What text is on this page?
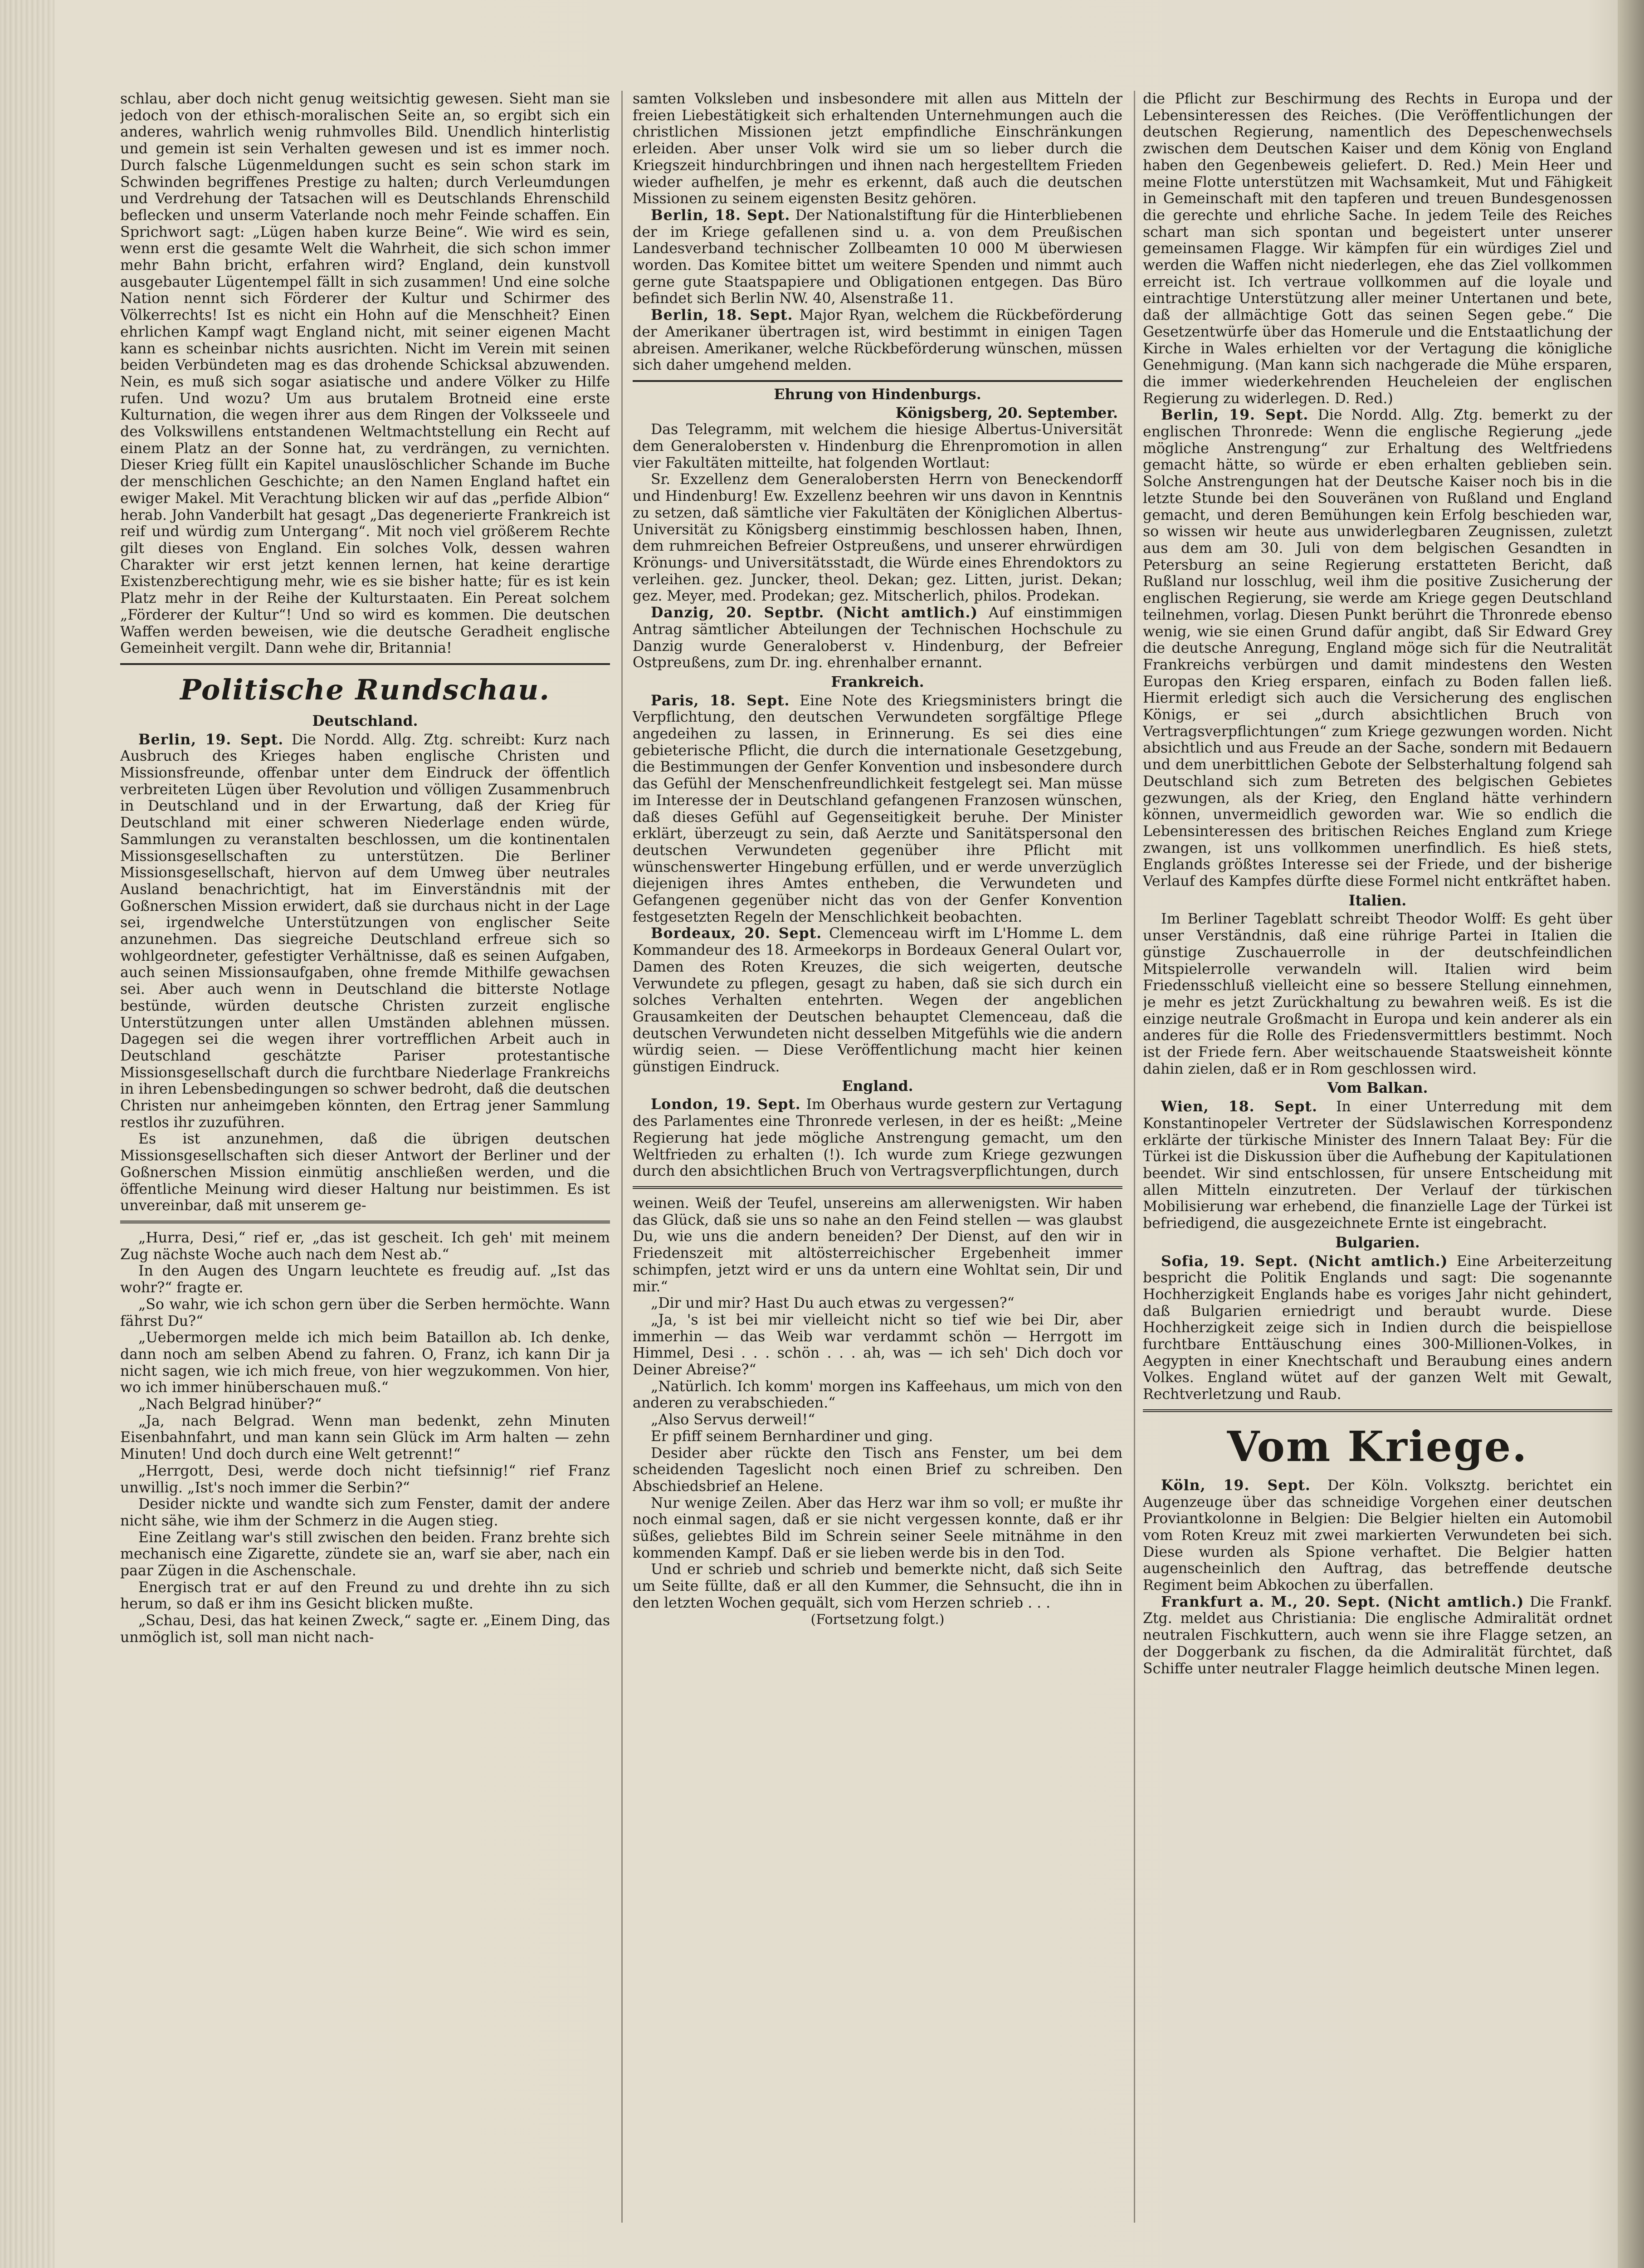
schlau, aber doch nicht genug weitsichtig gewesen. Sieht man sie jedoch von der ethisch-moralischen Seite an, so ergibt sich ein anderes, wahrlich wenig ruhmvolles Bild. Unendlich hinterlistig und gemein ist sein Verhalten gewesen und ist es immer noch. Durch falsche Lügenmeldungen sucht es sein schon stark im Schwinden begriffenes Prestige zu halten; durch Verleumdungen und Verdrehung der Tatsachen will es Deutschlands Ehrenschild beflecken und unserm Vaterlande noch mehr Feinde schaffen. Ein Sprichwort sagt: „Lügen haben kurze Beine“. Wie wird es sein, wenn erst die gesamte Welt die Wahrheit, die sich schon immer mehr Bahn bricht, erfahren wird? England, dein kunstvoll ausgebauter Lügentempel fällt in sich zusammen! Und eine solche Nation nennt sich Förderer der Kultur und Schirmer des Völkerrechts! Ist es nicht ein Hohn auf die Menschheit? Einen ehrlichen Kampf wagt England nicht, mit seiner eigenen Macht kann es scheinbar nichts ausrichten. Nicht im Verein mit seinen beiden Verbündeten mag es das drohende Schicksal abzuwenden. Nein, es muß sich sogar asiatische und andere Völker zu Hilfe rufen. Und wozu? Um aus brutalem Brotneid eine erste Kulturnation, die wegen ihrer aus dem Ringen der Volksseele und des Volkswillens entstandenen Weltmachtstellung ein Recht auf einem Platz an der Sonne hat, zu verdrängen, zu vernichten. Dieser Krieg füllt ein Kapitel unauslöschlicher Schande im Buche der menschlichen Geschichte; an den Namen England haftet ein ewiger Makel. Mit Verachtung blicken wir auf das „perfide Albion“ herab. John Vanderbilt hat gesagt „Das degenerierte Frankreich ist reif und würdig zum Untergang“. Mit noch viel größerem Rechte gilt dieses von England. Ein solches Volk, dessen wahren Charakter wir erst jetzt kennen lernen, hat keine derartige Existenzberechtigung mehr, wie es sie bisher hatte; für es ist kein Platz mehr in der Reihe der Kulturstaaten. Ein Pereat solchem „Förderer der Kultur“! Und so wird es kommen. Die deutschen Waffen werden beweisen, wie die deutsche Geradheit englische Gemeinheit vergilt. Dann wehe dir, Britannia!

Politische Rundschau.
Deutschland.

Berlin, 19. Sept. Die Nordd. Allg. Ztg. schreibt: Kurz nach Ausbruch des Krieges haben englische Christen und Missionsfreunde, offenbar unter dem Eindruck der öffentlich verbreiteten Lügen über Revolution und völligen Zusammenbruch in Deutschland und in der Erwartung, daß der Krieg für Deutschland mit einer schweren Niederlage enden würde, Sammlungen zu veranstalten beschlossen, um die kontinentalen Missionsgesellschaften zu unterstützen. Die Berliner Missionsgesellschaft, hiervon auf dem Umweg über neutrales Ausland benachrichtigt, hat im Einverständnis mit der Goßnerschen Mission erwidert, daß sie durchaus nicht in der Lage sei, irgendwelche Unterstützungen von englischer Seite anzunehmen. Das siegreiche Deutschland erfreue sich so wohlgeordneter, gefestigter Verhältnisse, daß es seinen Aufgaben, auch seinen Missionsaufgaben, ohne fremde Mithilfe gewachsen sei. Aber auch wenn in Deutschland die bitterste Notlage bestünde, würden deutsche Christen zurzeit englische Unterstützungen unter allen Umständen ablehnen müssen. Dagegen sei die wegen ihrer vortrefflichen Arbeit auch in Deutschland geschätzte Pariser protestantische Missionsgesellschaft durch die furchtbare Niederlage Frankreichs in ihren Lebensbedingungen so schwer bedroht, daß die deutschen Christen nur anheimgeben könnten, den Ertrag jener Sammlung restlos ihr zuzuführen.

Es ist anzunehmen, daß die übrigen deutschen Missionsgesellschaften sich dieser Antwort der Berliner und der Goßnerschen Mission einmütig anschließen werden, und die öffentliche Meinung wird dieser Haltung nur beistimmen. Es ist unvereinbar, daß mit unserem ge-

„Hurra, Desi,“ rief er, „das ist gescheit. Ich geh' mit meinem Zug nächste Woche auch nach dem Nest ab.“

In den Augen des Ungarn leuchtete es freudig auf. „Ist das wohr?“ fragte er.

„So wahr, wie ich schon gern über die Serben hermöchte. Wann fährst Du?“

„Uebermorgen melde ich mich beim Bataillon ab. Ich denke, dann noch am selben Abend zu fahren. O, Franz, ich kann Dir ja nicht sagen, wie ich mich freue, von hier wegzukommen. Von hier, wo ich immer hinüberschauen muß.“

„Nach Belgrad hinüber?“

„Ja, nach Belgrad. Wenn man bedenkt, zehn Minuten Eisenbahnfahrt, und man kann sein Glück im Arm halten — zehn Minuten! Und doch durch eine Welt getrennt!“

„Herrgott, Desi, werde doch nicht tiefsinnig!“ rief Franz unwillig. „Ist's noch immer die Serbin?“

Desider nickte und wandte sich zum Fenster, damit der andere nicht sähe, wie ihm der Schmerz in die Augen stieg.

Eine Zeitlang war's still zwischen den beiden. Franz brehte sich mechanisch eine Zigarette, zündete sie an, warf sie aber, nach ein paar Zügen in die Aschenschale.

Energisch trat er auf den Freund zu und drehte ihn zu sich herum, so daß er ihm ins Gesicht blicken mußte.

„Schau, Desi, das hat keinen Zweck,“ sagte er. „Einem Ding, das unmöglich ist, soll man nicht nach-

samten Volksleben und insbesondere mit allen aus Mitteln der freien Liebestätigkeit sich erhaltenden Unternehmungen auch die christlichen Missionen jetzt empfindliche Einschränkungen erleiden. Aber unser Volk wird sie um so lieber durch die Kriegszeit hindurchbringen und ihnen nach hergestelltem Frieden wieder aufhelfen, je mehr es erkennt, daß auch die deutschen Missionen zu seinem eigensten Besitz gehören.

Berlin, 18. Sept. Der Nationalstiftung für die Hinterbliebenen der im Kriege gefallenen sind u. a. von dem Preußischen Landesverband technischer Zollbeamten 10 000 M überwiesen worden. Das Komitee bittet um weitere Spenden und nimmt auch gerne gute Staatspapiere und Obligationen entgegen. Das Büro befindet sich Berlin NW. 40, Alsenstraße 11.

Berlin, 18. Sept. Major Ryan, welchem die Rückbeförderung der Amerikaner übertragen ist, wird bestimmt in einigen Tagen abreisen. Amerikaner, welche Rückbeförderung wünschen, müssen sich daher umgehend melden.

Ehrung von Hindenburgs.
Königsberg, 20. September.

Das Telegramm, mit welchem die hiesige Albertus-Universität dem Generalobersten v. Hindenburg die Ehrenpromotion in allen vier Fakultäten mitteilte, hat folgenden Wortlaut:

Sr. Exzellenz dem Generalobersten Herrn von Beneckendorff und Hindenburg! Ew. Exzellenz beehren wir uns davon in Kenntnis zu setzen, daß sämtliche vier Fakultäten der Königlichen Albertus-Universität zu Königsberg einstimmig beschlossen haben, Ihnen, dem ruhmreichen Befreier Ostpreußens, und unserer ehrwürdigen Krönungs- und Universitätsstadt, die Würde eines Ehrendoktors zu verleihen. gez. Juncker, theol. Dekan; gez. Litten, jurist. Dekan; gez. Meyer, med. Prodekan; gez. Mitscherlich, philos. Prodekan.

Danzig, 20. Septbr. (Nicht amtlich.) Auf einstimmigen Antrag sämtlicher Abteilungen der Technischen Hochschule zu Danzig wurde Generaloberst v. Hindenburg, der Befreier Ostpreußens, zum Dr. ing. ehrenhalber ernannt.

Frankreich.

Paris, 18. Sept. Eine Note des Kriegsministers bringt die Verpflichtung, den deutschen Verwundeten sorgfältige Pflege angedeihen zu lassen, in Erinnerung. Es sei dies eine gebieterische Pflicht, die durch die internationale Gesetzgebung, die Bestimmungen der Genfer Konvention und insbesondere durch das Gefühl der Menschenfreundlichkeit festgelegt sei. Man müsse im Interesse der in Deutschland gefangenen Franzosen wünschen, daß dieses Gefühl auf Gegenseitigkeit beruhe. Der Minister erklärt, überzeugt zu sein, daß Aerzte und Sanitätspersonal den deutschen Verwundeten gegenüber ihre Pflicht mit wünschenswerter Hingebung erfüllen, und er werde unverzüglich diejenigen ihres Amtes entheben, die Verwundeten und Gefangenen gegenüber nicht das von der Genfer Konvention festgesetzten Regeln der Menschlichkeit beobachten.

Bordeaux, 20. Sept. Clemenceau wirft im L'Homme L. dem Kommandeur des 18. Armeekorps in Bordeaux General Oulart vor, Damen des Roten Kreuzes, die sich weigerten, deutsche Verwundete zu pflegen, gesagt zu haben, daß sie sich durch ein solches Verhalten entehrten. Wegen der angeblichen Grausamkeiten der Deutschen behauptet Clemenceau, daß die deutschen Verwundeten nicht desselben Mitgefühls wie die andern würdig seien. — Diese Veröffentlichung macht hier keinen günstigen Eindruck.

England.

London, 19. Sept. Im Oberhaus wurde gestern zur Vertagung des Parlamentes eine Thronrede verlesen, in der es heißt: „Meine Regierung hat jede mögliche Anstrengung gemacht, um den Weltfrieden zu erhalten (!). Ich wurde zum Kriege gezwungen durch den absichtlichen Bruch von Vertragsverpflichtungen, durch

weinen. Weiß der Teufel, unsereins am allerwenigsten. Wir haben das Glück, daß sie uns so nahe an den Feind stellen — was glaubst Du, wie uns die andern beneiden? Der Dienst, auf den wir in Friedenszeit mit altösterreichischer Ergebenheit immer schimpfen, jetzt wird er uns da untern eine Wohltat sein, Dir und mir.“

„Dir und mir? Hast Du auch etwas zu vergessen?“

„Ja, 's ist bei mir vielleicht nicht so tief wie bei Dir, aber immerhin — das Weib war verdammt schön — Herrgott im Himmel, Desi . . . schön . . . ah, was — ich seh' Dich doch vor Deiner Abreise?“

„Natürlich. Ich komm' morgen ins Kaffeehaus, um mich von den anderen zu verabschieden.“

„Also Servus derweil!“

Er pfiff seinem Bernhardiner und ging.

Desider aber rückte den Tisch ans Fenster, um bei dem scheidenden Tageslicht noch einen Brief zu schreiben. Den Abschiedsbrief an Helene.

Nur wenige Zeilen. Aber das Herz war ihm so voll; er mußte ihr noch einmal sagen, daß er sie nicht vergessen konnte, daß er ihr süßes, geliebtes Bild im Schrein seiner Seele mitnähme in den kommenden Kampf. Daß er sie lieben werde bis in den Tod.

Und er schrieb und schrieb und bemerkte nicht, daß sich Seite um Seite füllte, daß er all den Kummer, die Sehnsucht, die ihn in den letzten Wochen gequält, sich vom Herzen schrieb . . .

(Fortsetzung folgt.)

die Pflicht zur Beschirmung des Rechts in Europa und der Lebensinteressen des Reiches. (Die Veröffentlichungen der deutschen Regierung, namentlich des Depeschenwechsels zwischen dem Deutschen Kaiser und dem König von England haben den Gegenbeweis geliefert. D. Red.) Mein Heer und meine Flotte unterstützen mit Wachsamkeit, Mut und Fähigkeit in Gemeinschaft mit den tapferen und treuen Bundesgenossen die gerechte und ehrliche Sache. In jedem Teile des Reiches schart man sich spontan und begeistert unter unserer gemeinsamen Flagge. Wir kämpfen für ein würdiges Ziel und werden die Waffen nicht niederlegen, ehe das Ziel vollkommen erreicht ist. Ich vertraue vollkommen auf die loyale und eintrachtige Unterstützung aller meiner Untertanen und bete, daß der allmächtige Gott das seinen Segen gebe.“ Die Gesetzentwürfe über das Homerule und die Entstaatlichung der Kirche in Wales erhielten vor der Vertagung die königliche Genehmigung. (Man kann sich nachgerade die Mühe ersparen, die immer wiederkehrenden Heucheleien der englischen Regierung zu widerlegen. D. Red.)

Berlin, 19. Sept. Die Nordd. Allg. Ztg. bemerkt zu der englischen Thronrede: Wenn die englische Regierung „jede mögliche Anstrengung“ zur Erhaltung des Weltfriedens gemacht hätte, so würde er eben erhalten geblieben sein. Solche Anstrengungen hat der Deutsche Kaiser noch bis in die letzte Stunde bei den Souveränen von Rußland und England gemacht, und deren Bemühungen kein Erfolg beschieden war, so wissen wir heute aus unwiderlegbaren Zeugnissen, zuletzt aus dem am 30. Juli von dem belgischen Gesandten in Petersburg an seine Regierung erstatteten Bericht, daß Rußland nur losschlug, weil ihm die positive Zusicherung der englischen Regierung, sie werde am Kriege gegen Deutschland teilnehmen, vorlag. Diesen Punkt berührt die Thronrede ebenso wenig, wie sie einen Grund dafür angibt, daß Sir Edward Grey die deutsche Anregung, England möge sich für die Neutralität Frankreichs verbürgen und damit mindestens den Westen Europas den Krieg ersparen, einfach zu Boden fallen ließ. Hiermit erledigt sich auch die Versicherung des englischen Königs, er sei „durch absichtlichen Bruch von Vertragsverpflichtungen“ zum Kriege gezwungen worden. Nicht absichtlich und aus Freude an der Sache, sondern mit Bedauern und dem unerbittlichen Gebote der Selbsterhaltung folgend sah Deutschland sich zum Betreten des belgischen Gebietes gezwungen, als der Krieg, den England hätte verhindern können, unvermeidlich geworden war. Wie so endlich die Lebensinteressen des britischen Reiches England zum Kriege zwangen, ist uns vollkommen unerfindlich. Es hieß stets, Englands größtes Interesse sei der Friede, und der bisherige Verlauf des Kampfes dürfte diese Formel nicht entkräftet haben.

Italien.

Im Berliner Tageblatt schreibt Theodor Wolff: Es geht über unser Verständnis, daß eine rührige Partei in Italien die günstige Zuschauerrolle in der deutschfeindlichen Mitspielerrolle verwandeln will. Italien wird beim Friedensschluß vielleicht eine so bessere Stellung einnehmen, je mehr es jetzt Zurückhaltung zu bewahren weiß. Es ist die einzige neutrale Großmacht in Europa und kein anderer als ein anderes für die Rolle des Friedensvermittlers bestimmt. Noch ist der Friede fern. Aber weitschauende Staatsweisheit könnte dahin zielen, daß er in Rom geschlossen wird.

Vom Balkan.

Wien, 18. Sept. In einer Unterredung mit dem Konstantinopeler Vertreter der Südslawischen Korrespondenz erklärte der türkische Minister des Innern Talaat Bey: Für die Türkei ist die Diskussion über die Aufhebung der Kapitulationen beendet. Wir sind entschlossen, für unsere Entscheidung mit allen Mitteln einzutreten. Der Verlauf der türkischen Mobilisierung war erhebend, die finanzielle Lage der Türkei ist befriedigend, die ausgezeichnete Ernte ist eingebracht.

Bulgarien.

Sofia, 19. Sept. (Nicht amtlich.) Eine Arbeiterzeitung bespricht die Politik Englands und sagt: Die sogenannte Hochherzigkeit Englands habe es voriges Jahr nicht gehindert, daß Bulgarien erniedrigt und beraubt wurde. Diese Hochherzigkeit zeige sich in Indien durch die beispiellose furchtbare Enttäuschung eines 300-Millionen-Volkes, in Aegypten in einer Knechtschaft und Beraubung eines andern Volkes. England wütet auf der ganzen Welt mit Gewalt, Rechtverletzung und Raub.

Vom Kriege.

Köln, 19. Sept. Der Köln. Volksztg. berichtet ein Augenzeuge über das schneidige Vorgehen einer deutschen Proviantkolonne in Belgien: Die Belgier hielten ein Automobil vom Roten Kreuz mit zwei markierten Verwundeten bei sich. Diese wurden als Spione verhaftet. Die Belgier hatten augenscheinlich den Auftrag, das betreffende deutsche Regiment beim Abkochen zu überfallen.

Frankfurt a. M., 20. Sept. (Nicht amtlich.) Die Frankf. Ztg. meldet aus Christiania: Die englische Admiralität ordnet neutralen Fischkuttern, auch wenn sie ihre Flagge setzen, an der Doggerbank zu fischen, da die Admiralität fürchtet, daß Schiffe unter neutraler Flagge heimlich deutsche Minen legen.
